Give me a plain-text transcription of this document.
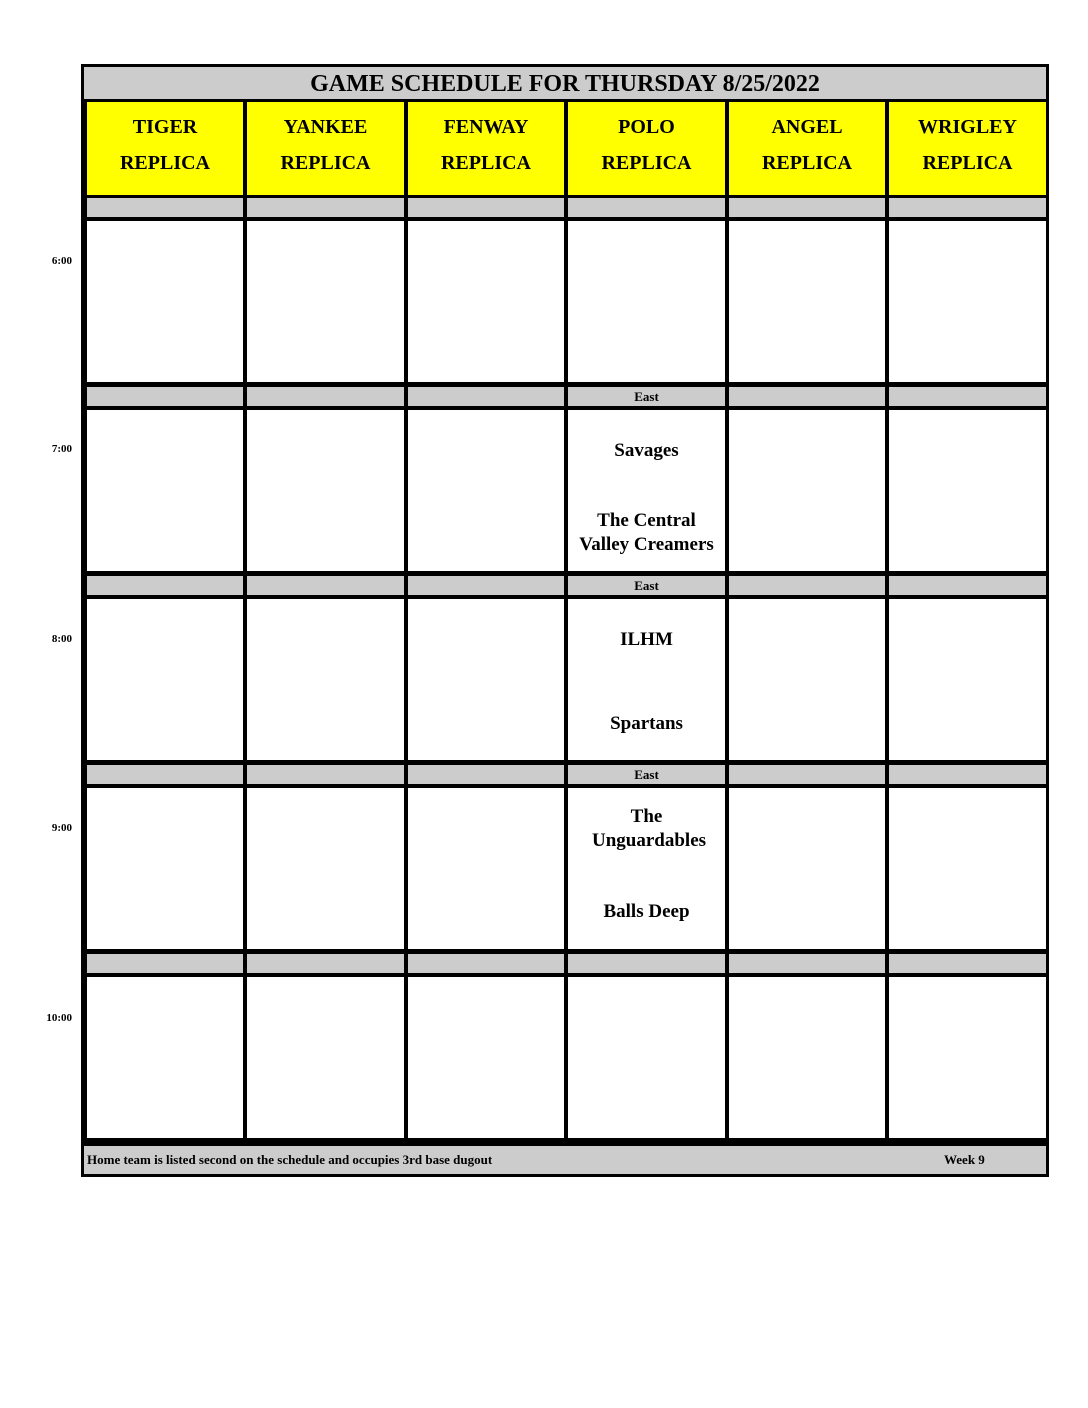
GAME SCHEDULE FOR THURSDAY 8/25/2022
TIGER
REPLICA
YANKEE
REPLICA
FENWAY
REPLICA
POLO
REPLICA
ANGEL
REPLICA
WRIGLEY
REPLICA
East
Savages
The Central Valley Creamers
East
ILHM
Spartans
East
The Unguardables
Balls Deep
Home team is listed second on the schedule and occupies 3rd base dugout	Week 9
6:00
7:00
8:00
9:00
10:00
